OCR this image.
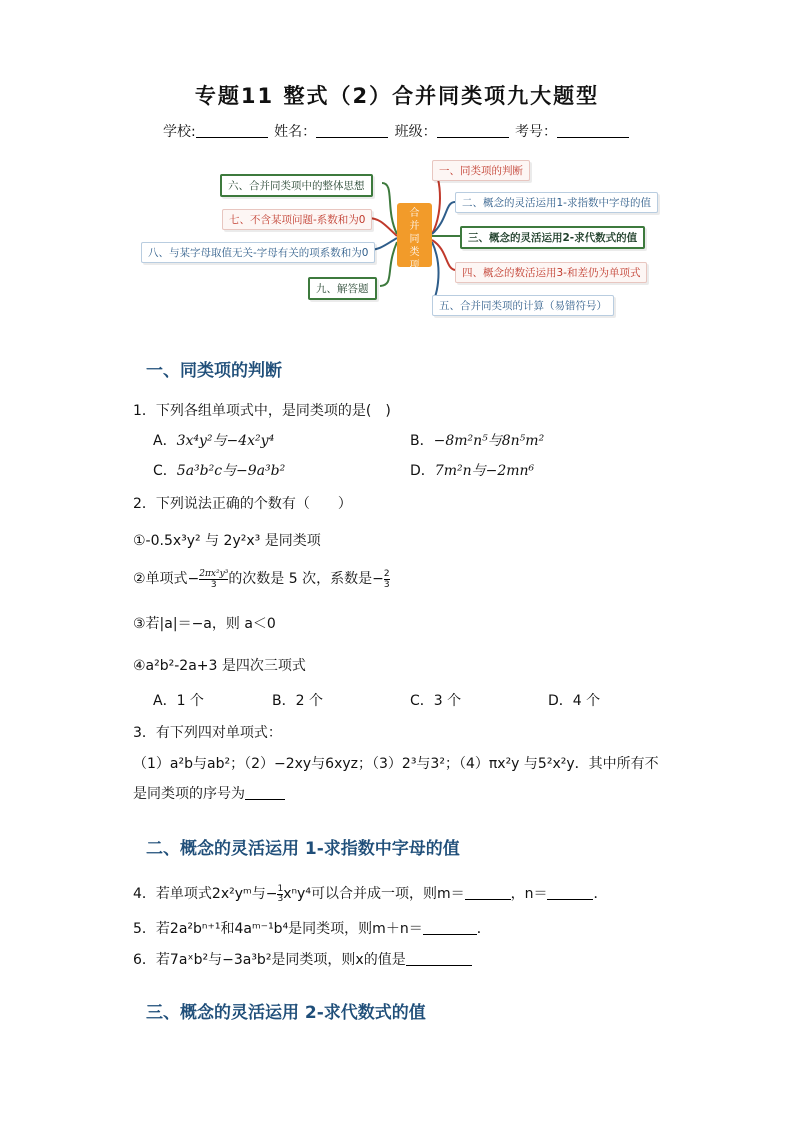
专题11 整式（2）合并同类项九大题型
学校:	姓名：	班级：	考号：
合
并
同
类
项
一、同类项的判断
二、概念的灵活运用1-求指数中字母的值
三、概念的灵活运用2-求代数式的值
四、概念的数活运用3-和差仍为单项式
五、合并同类项的计算（易错符号）
六、合并同类项中的整体思想
七、不含某项问题-系数和为0
八、与某字母取值无关-字母有关的项系数和为0
九、解答题
一、同类项的判断
1．下列各组单项式中，是同类项的是(　)
A．3x⁴y²与−4x²y⁴	B．−8m²n⁵与8n⁵m²
C．5a³b²c与−9a³b²	D．7m²n与−2mn⁶
2．下列说法正确的个数有（　　）
①-0.5x³y² 与 2y²x³ 是同类项
②单项式− $\frac{\text{2πx²y³}}{3}$ 的次数是 5 次，系数是− $\frac{2}{3}$
③若|a|＝−a，则 a＜0
④a²b²-2a+3 是四次三项式
A．1 个	B．2 个	C．3 个	D．4 个
3．有下列四对单项式：
（1）a²b与ab²；（2）−2xy与6xyz；（3）2³与3²；（4）πx²y 与5²x²y．其中所有不
是同类项的序号为
二、概念的灵活运用 1-求指数中字母的值
4．若单项式2x²yᵐ与− $\frac{1}{3} x^ny^4$可以合并成一项，则m＝	，n＝	．
5．若2a²bⁿ⁺¹和4aᵐ⁻¹b⁴是同类项，则m＋n＝	．
6．若7aˣb²与−3a³b²是同类项，则x的值是
三、概念的灵活运用 2-求代数式的值
